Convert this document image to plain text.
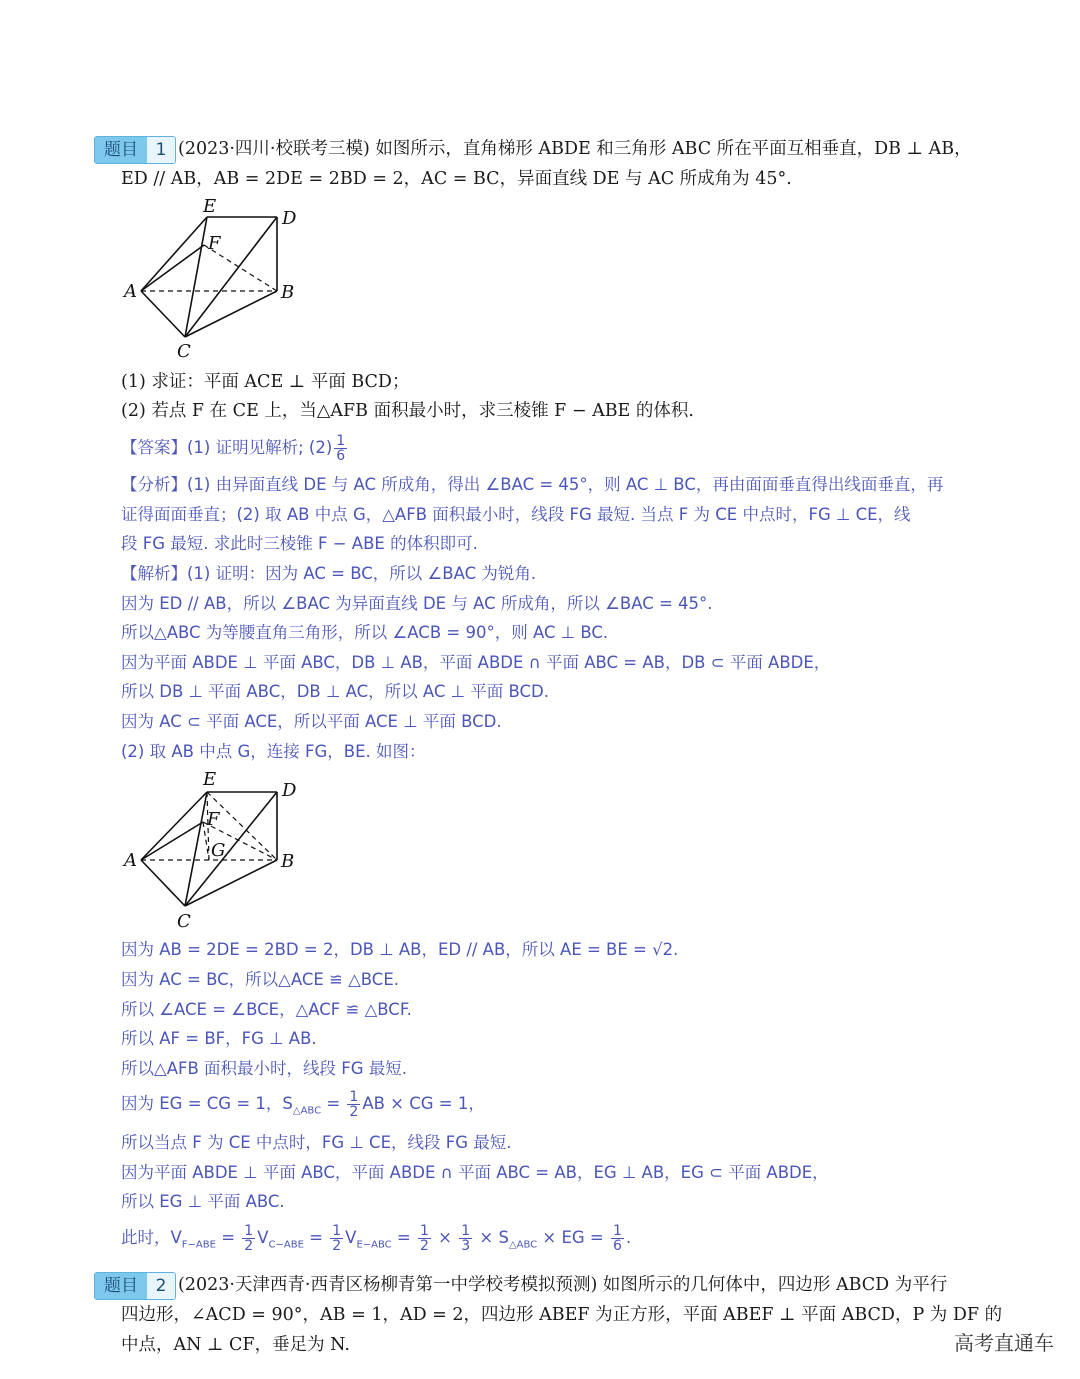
题目	1 (2023·四川·校联考三模) 如图所示，直角梯形 ABDE 和三角形 ABC 所在平面互相垂直，DB ⊥ AB，
ED // AB，AB = 2DE = 2BD = 2，AC = BC，异面直线 DE 与 AC 所成角为 45°.
E
D
F
A	B
C
(1) 求证：平面 ACE ⊥ 平面 BCD；
(2) 若点 F 在 CE 上，当△AFB 面积最小时，求三棱锥 F − ABE 的体积.
【答案】(1) 证明见解析; $(2) \frac{1}{6}$
【分析】(1) 由异面直线 DE 与 AC 所成角，得出 ∠BAC = 45°，则 AC ⊥ BC，再由面面垂直得出线面垂直，再
证得面面垂直；(2) 取 AB 中点 G，△AFB 面积最小时，线段 FG 最短. 当点 F 为 CE 中点时，FG ⊥ CE，线
段 FG 最短. 求此时三棱锥 F − ABE 的体积即可.
【解析】(1) 证明：因为 AC = BC，所以 ∠BAC 为锐角.
因为 ED // AB，所以 ∠BAC 为异面直线 DE 与 AC 所成角，所以 ∠BAC = 45°.
所以△ABC 为等腰直角三角形，所以 ∠ACB = 90°，则 AC ⊥ BC.
因为平面 ABDE ⊥ 平面 ABC，DB ⊥ AB，平面 ABDE ∩ 平面 ABC = AB，DB ⊂ 平面 ABDE，
所以 DB ⊥ 平面 ABC，DB ⊥ AC，所以 AC ⊥ 平面 BCD.
因为 AC ⊂ 平面 ACE，所以平面 ACE ⊥ 平面 BCD.
(2) 取 AB 中点 G，连接 FG，BE. 如图：
E
D
F
G
A	B
C
因为 AB = 2DE = 2BD = 2，DB ⊥ AB，ED // AB，所以 AE = BE = √2.
因为 AC = BC，所以△ACE ≌ △BCE.
所以 ∠ACE = ∠BCE，△ACF ≌ △BCF.
所以 AF = BF，FG ⊥ AB.
所以△AFB 面积最小时，线段 FG 最短.
因为 EG = CG = 1，$S_{\triangle ABC} = \frac{1}{2}$ AB × CG = 1，
所以当点 F 为 CE 中点时，FG ⊥ CE，线段 FG 最短.
因为平面 ABDE ⊥ 平面 ABC，平面 ABDE ∩ 平面 ABC = AB，EG ⊥ AB，EG ⊂ 平面 ABDE，
所以 EG ⊥ 平面 ABC.
此时，$V_{F-ABE} = \frac{1}{2} V_{C-ABE} = \frac{1}{2} V_{E-ABC} = \frac{1}{2} \times \frac{1}{3} \times S_{\triangle ABC}$ × EG = $\frac{1}{6}$ .
题目	2 (2023·天津西青·西青区杨柳青第一中学校考模拟预测) 如图所示的几何体中，四边形 ABCD 为平行
四边形，∠ACD = 90°，AB = 1，AD = 2，四边形 ABEF 为正方形，平面 ABEF ⊥ 平面 ABCD，P 为 DF 的
中点，AN ⊥ CF，垂足为 N.	高考直通车
